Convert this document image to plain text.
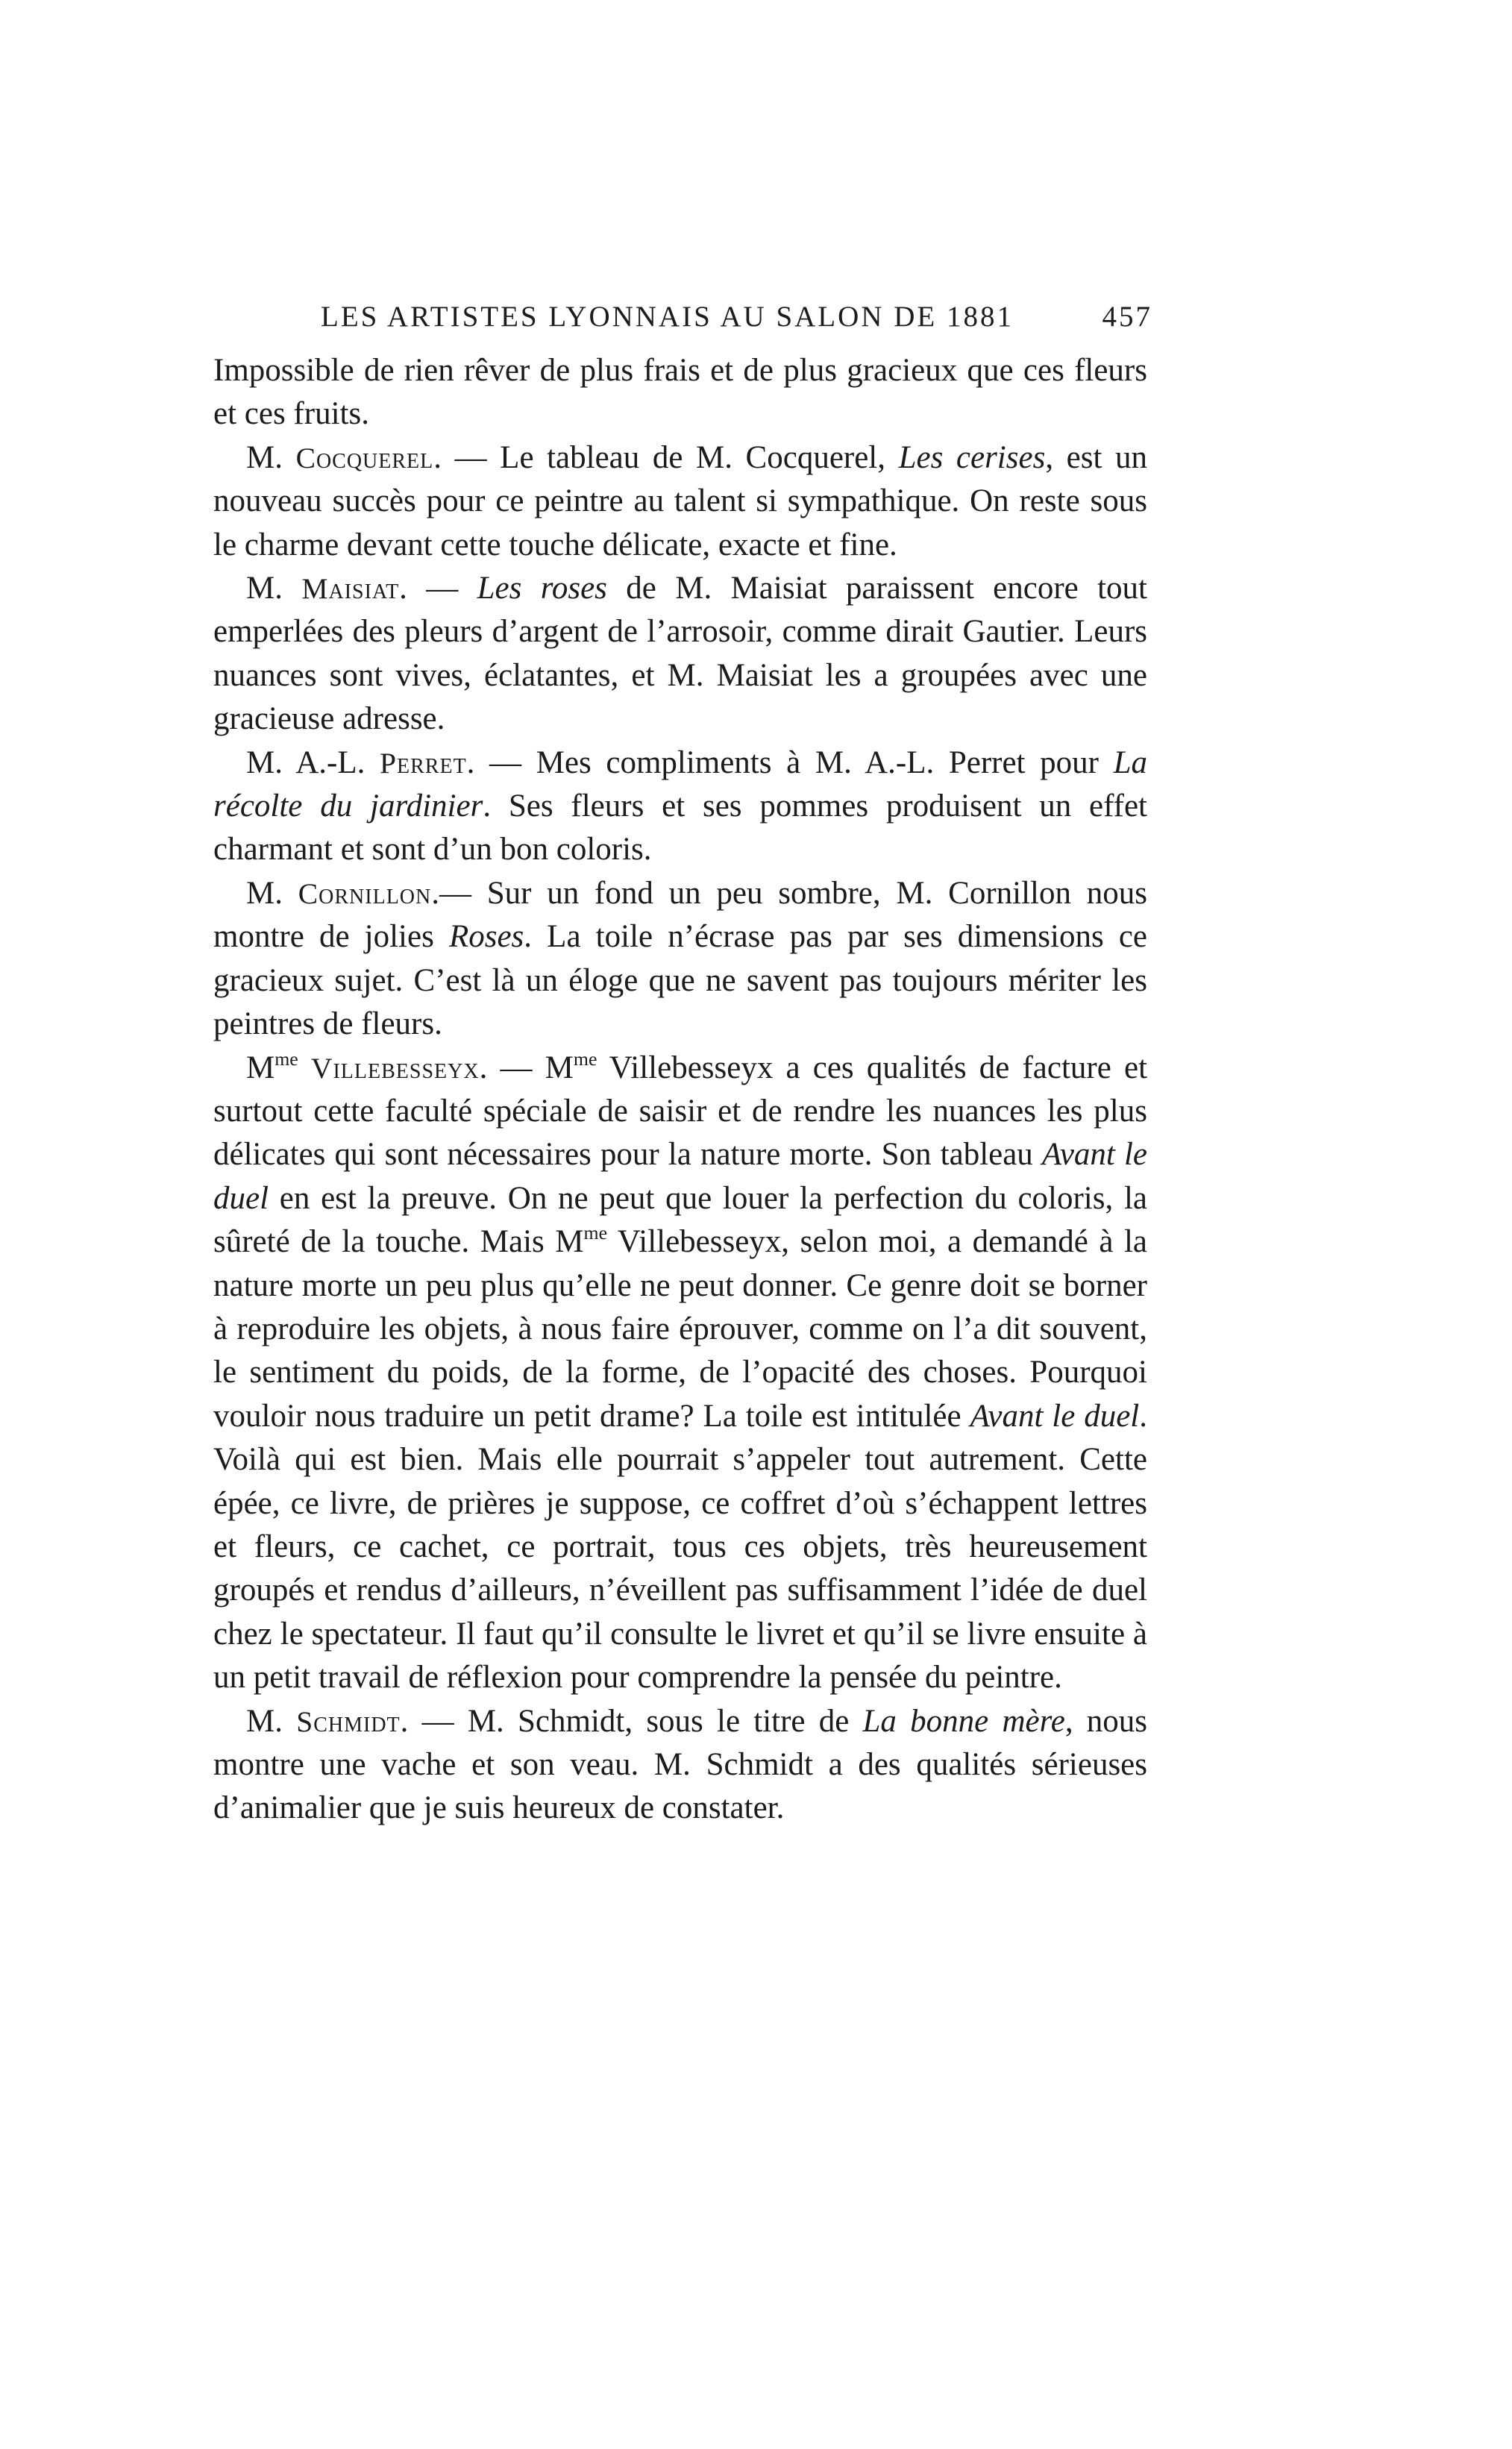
LES ARTISTES LYONNAIS AU SALON DE 1881	457

Impossible de rien rêver de plus frais et de plus gracieux que ces fleurs et ces fruits.

M. Cocquerel. — Le tableau de M. Cocquerel, Les cerises, est un nouveau succès pour ce peintre au talent si sympathique. On reste sous le charme devant cette touche délicate, exacte et fine.

M. Maisiat. — Les roses de M. Maisiat paraissent encore tout emperlées des pleurs d’argent de l’arrosoir, comme dirait Gautier. Leurs nuances sont vives, éclatantes, et M. Maisiat les a groupées avec une gracieuse adresse.

M. A.-L. Perret. — Mes compliments à M. A.-L. Perret pour La récolte du jardinier. Ses fleurs et ses pommes produisent un effet charmant et sont d’un bon coloris.

M. Cornillon.— Sur un fond un peu sombre, M. Cornillon nous montre de jolies Roses. La toile n’écrase pas par ses dimensions ce gracieux sujet. C’est là un éloge que ne savent pas toujours mériter les peintres de fleurs.

$M^{me}$ Villebesseyx. — $M^{me}$ Villebesseyx a ces qualités de facture et surtout cette faculté spéciale de saisir et de rendre les nuances les plus délicates qui sont nécessaires pour la nature morte. Son tableau Avant le duel en est la preuve. On ne peut que louer la perfection du coloris, la sûreté de la touche. Mais $M^{me}$ Villebesseyx, selon moi, a demandé à la nature morte un peu plus qu’elle ne peut donner. Ce genre doit se borner à reproduire les objets, à nous faire éprouver, comme on l’a dit souvent, le sentiment du poids, de la forme, de l’opacité des choses. Pourquoi vouloir nous traduire un petit drame? La toile est intitulée Avant le duel. Voilà qui est bien. Mais elle pourrait s’appeler tout autrement. Cette épée, ce livre, de prières je suppose, ce coffret d’où s’échappent lettres et fleurs, ce cachet, ce portrait, tous ces objets, très heureusement groupés et rendus d’ailleurs, n’éveillent pas suffisamment l’idée de duel chez le spectateur. Il faut qu’il consulte le livret et qu’il se livre ensuite à un petit travail de réflexion pour comprendre la pensée du peintre.

M. Schmidt. — M. Schmidt, sous le titre de La bonne mère, nous montre une vache et son veau. M. Schmidt a des qualités sérieuses d’animalier que je suis heureux de constater.
